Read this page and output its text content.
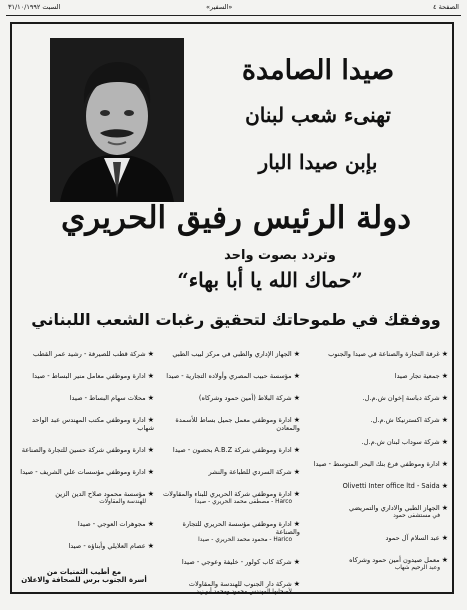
الصفحة ٤
«السفير»
السبت ٣١/١٠/١٩٩٢
صيدا الصامدة
تهنىء شعب لبنان
بإبن صيدا البار
دولة الرئيس رفيق الحريري
وتردد بصوت واحد
”حماك الله يا أبا بهاء“
ووفقك في طموحاتك لتحقيق رغبات الشعب اللبناني
★ غرفة التجارة والصناعة في صيدا والجنوب
★ جمعية تجار صيدا
★ شركة دباسة إخوان ش.م.ل.
★ شركة اكسترنيكا ش.م.ل.
★ شركة سوداب لبنان ش.م.ل.
★ ادارة وموظفي فرع بنك البحر المتوسط - صيدا
★ Olivetti Inter office ltd - Saida
★ الجهاز الطبي والاداري والتمريضي
في مستشفى حمود
★ عبد السلام آل حمود
★ معمل صيدون أمين حمود وشركاه
وعبد الرحيم شهاب
★ الجهاز الإداري والطبي في مركز لبيب الطبي
★ مؤسسة حبيب المصري وأولاده التجارية - صيدا
★ شركة البلاط (أمين حمود وشركاه)
★ ادارة وموظفي معمل جميل بساط للأسمدة والمعادن
★ ادارة وموظفي شركة A.B.Z بحصون - صيدا
★ شركة السردي للطباعة والنشر
★ ادارة وموظفي شركة الحريري للبناء والمقاولات
Harco - مصطفى محمد الحريري - صيدا
★ ادارة وموظفي مؤسسة الحريري للتجارة والصناعة
Harico - محمود محمد الحريري - صيدا
★ شركة كاب كولور - خليفة وعوجي - صيدا
★ شركة دار الجنوب للهندسة والمقاولات
لأصحابها المهندس محمود ومحمد أبو زيد
★ شركة قطب للصيرفة - رشيد عمر القطب
★ ادارة وموظفي معامل منير البساط - صيدا
★ محلات سهام البساط - صيدا
★ ادارة وموظفي مكتب المهندس عبد الواحد شهاب
★ ادارة وموظفي شركة حسين للتجارة والصناعة
★ ادارة وموظفي مؤسسات علي الشريف - صيدا
★ مؤسسة محمود صلاح الدين الزين
للهندسة والمقاولات
★ مجوهرات العوجي - صيدا
★ عصام العلايلي وأبناؤه - صيدا
مع أطيب التمنيات من
أسرة الجنوب برس للصحافة والاعلان
